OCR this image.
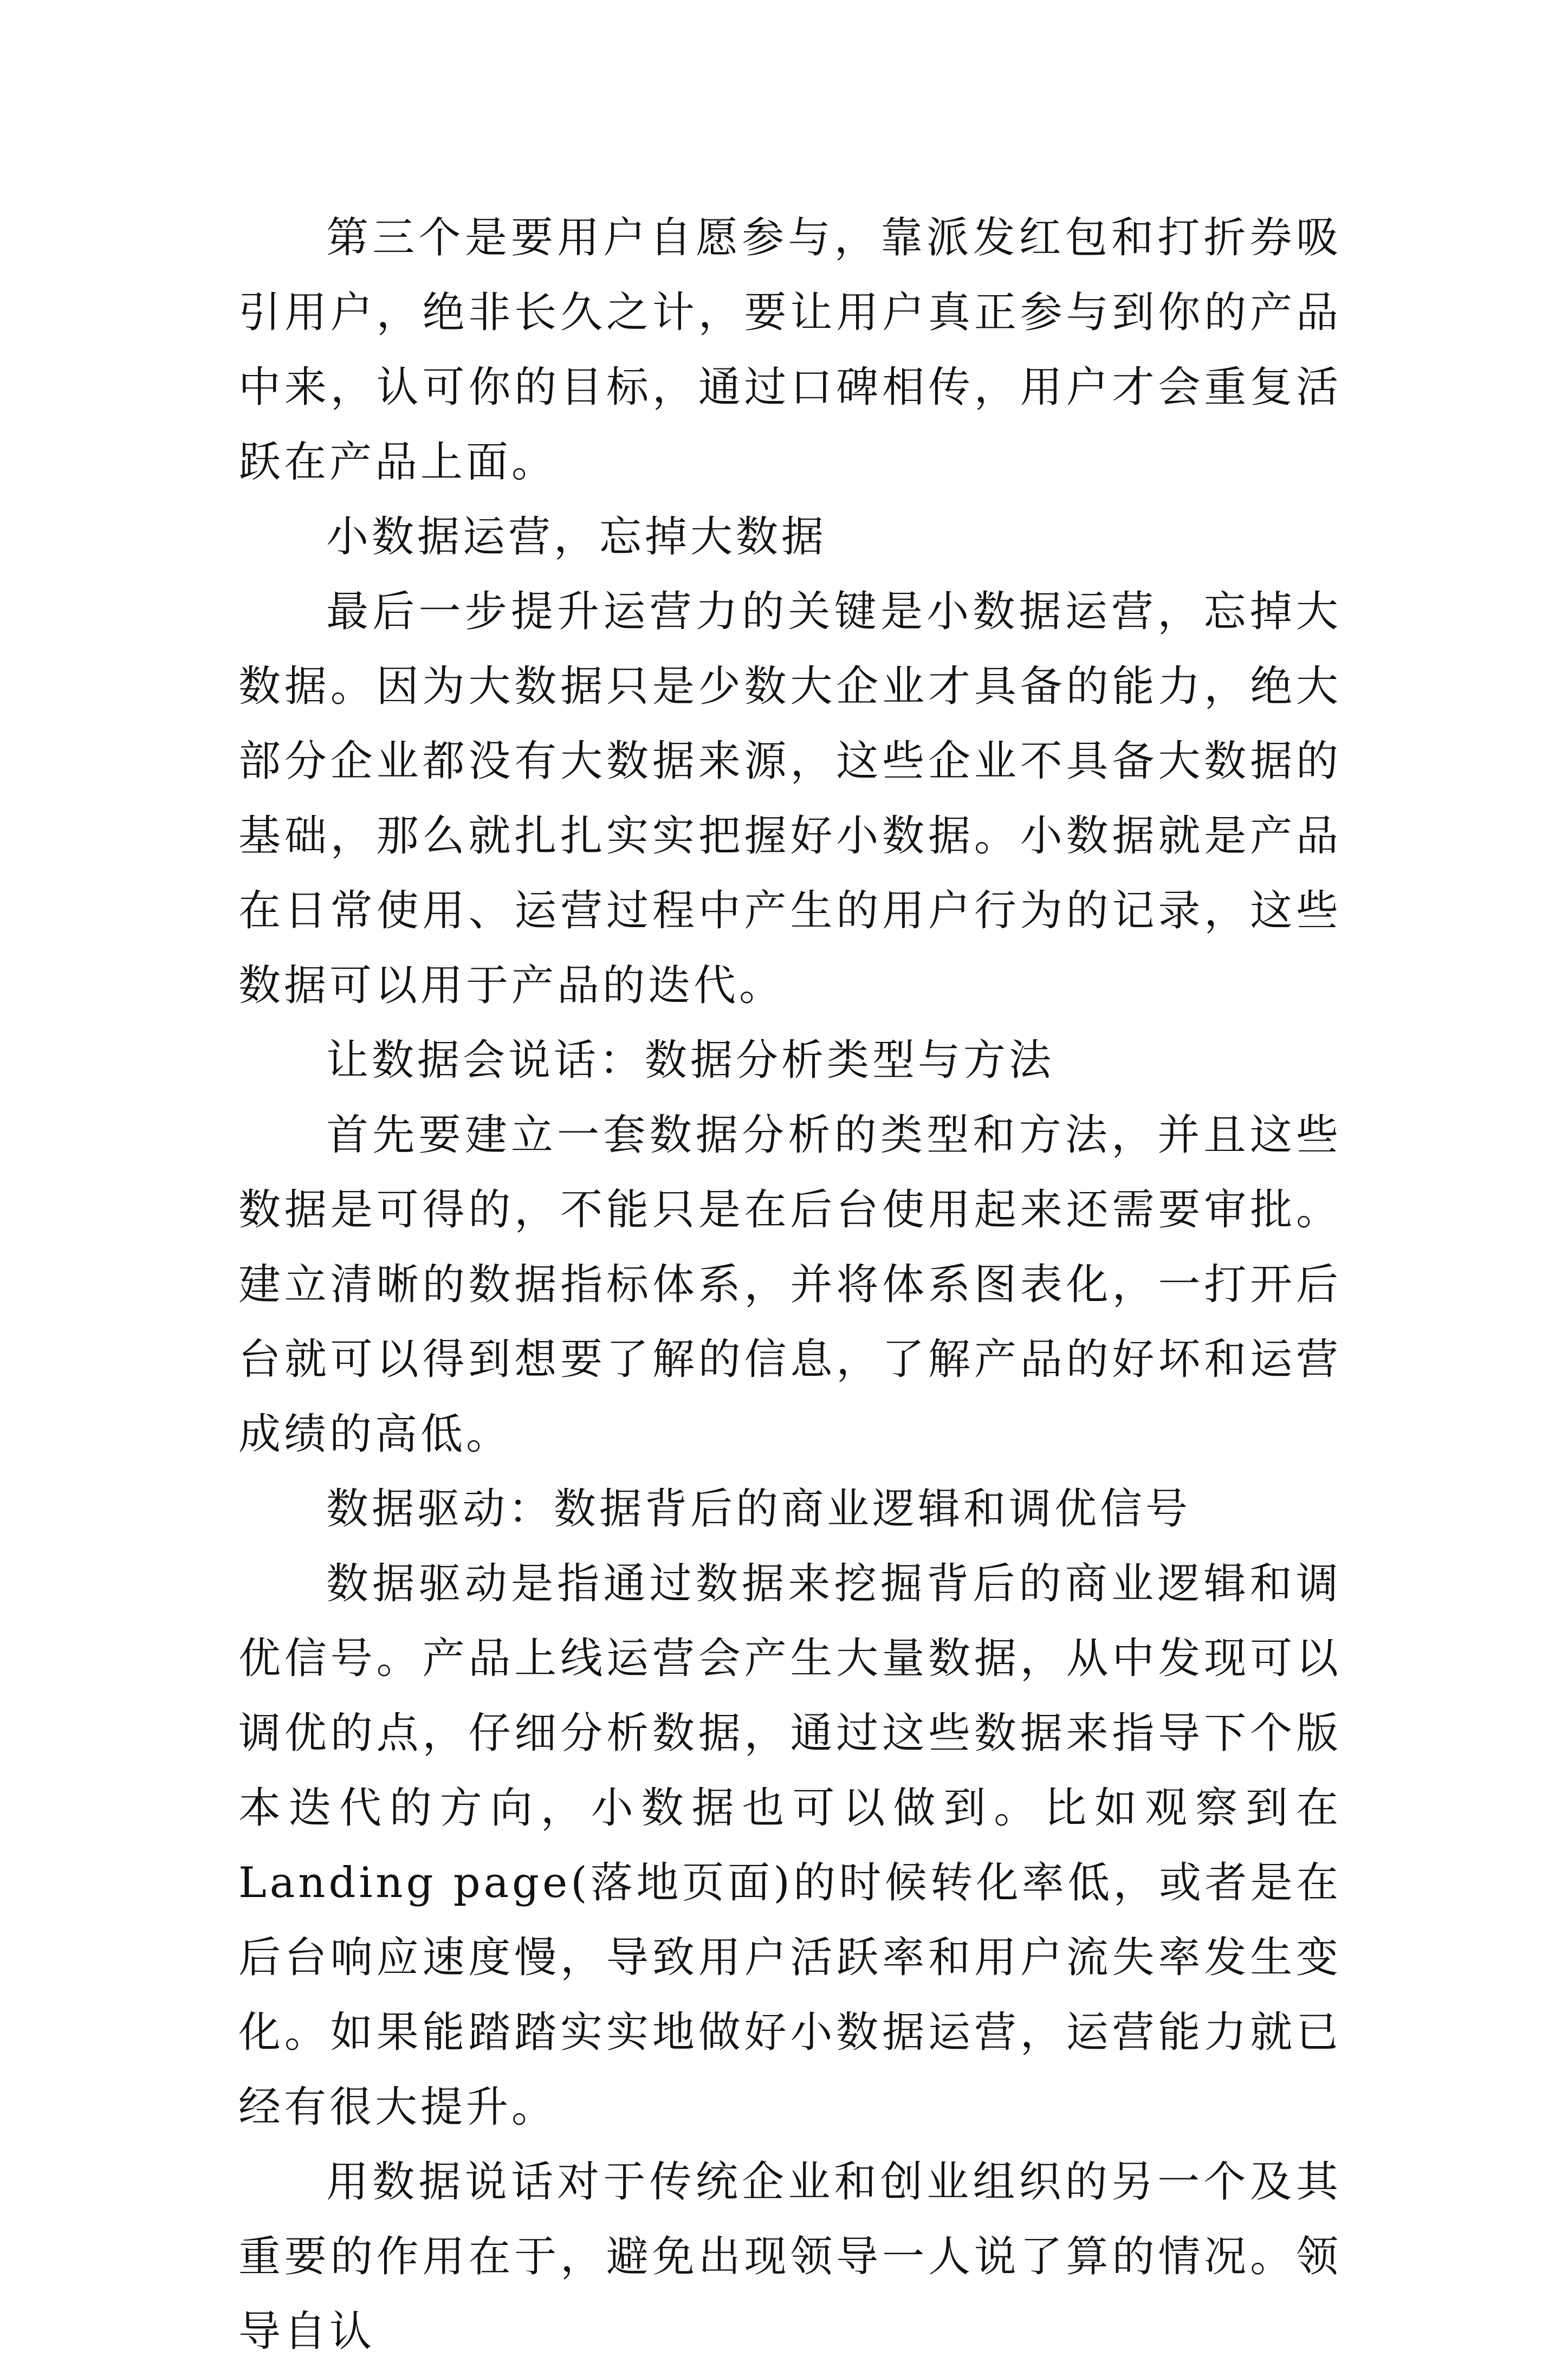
第三个是要用户自愿参与，靠派发红包和打折券吸引用户，绝非长久之计，要让用户真正参与到你的产品中来，认可你的目标，通过口碑相传，用户才会重复活跃在产品上面。

小数据运营，忘掉大数据

最后一步提升运营力的关键是小数据运营，忘掉大数据。因为大数据只是少数大企业才具备的能力，绝大部分企业都没有大数据来源，这些企业不具备大数据的基础，那么就扎扎实实把握好小数据。小数据就是产品在日常使用、运营过程中产生的用户行为的记录，这些数据可以用于产品的迭代。

让数据会说话：数据分析类型与方法

首先要建立一套数据分析的类型和方法，并且这些数据是可得的，不能只是在后台使用起来还需要审批。建立清晰的数据指标体系，并将体系图表化，一打开后台就可以得到想要了解的信息，了解产品的好坏和运营成绩的高低。

数据驱动：数据背后的商业逻辑和调优信号

数据驱动是指通过数据来挖掘背后的商业逻辑和调优信号。产品上线运营会产生大量数据，从中发现可以调优的点，仔细分析数据，通过这些数据来指导下个版本迭代的方向，小数据也可以做到。比如观察到在Landing page(落地页面)的时候转化率低，或者是在后台响应速度慢，导致用户活跃率和用户流失率发生变化。如果能踏踏实实地做好小数据运营，运营能力就已经有很大提升。

用数据说话对于传统企业和创业组织的另一个及其重要的作用在于，避免出现领导一人说了算的情况。领导自认
